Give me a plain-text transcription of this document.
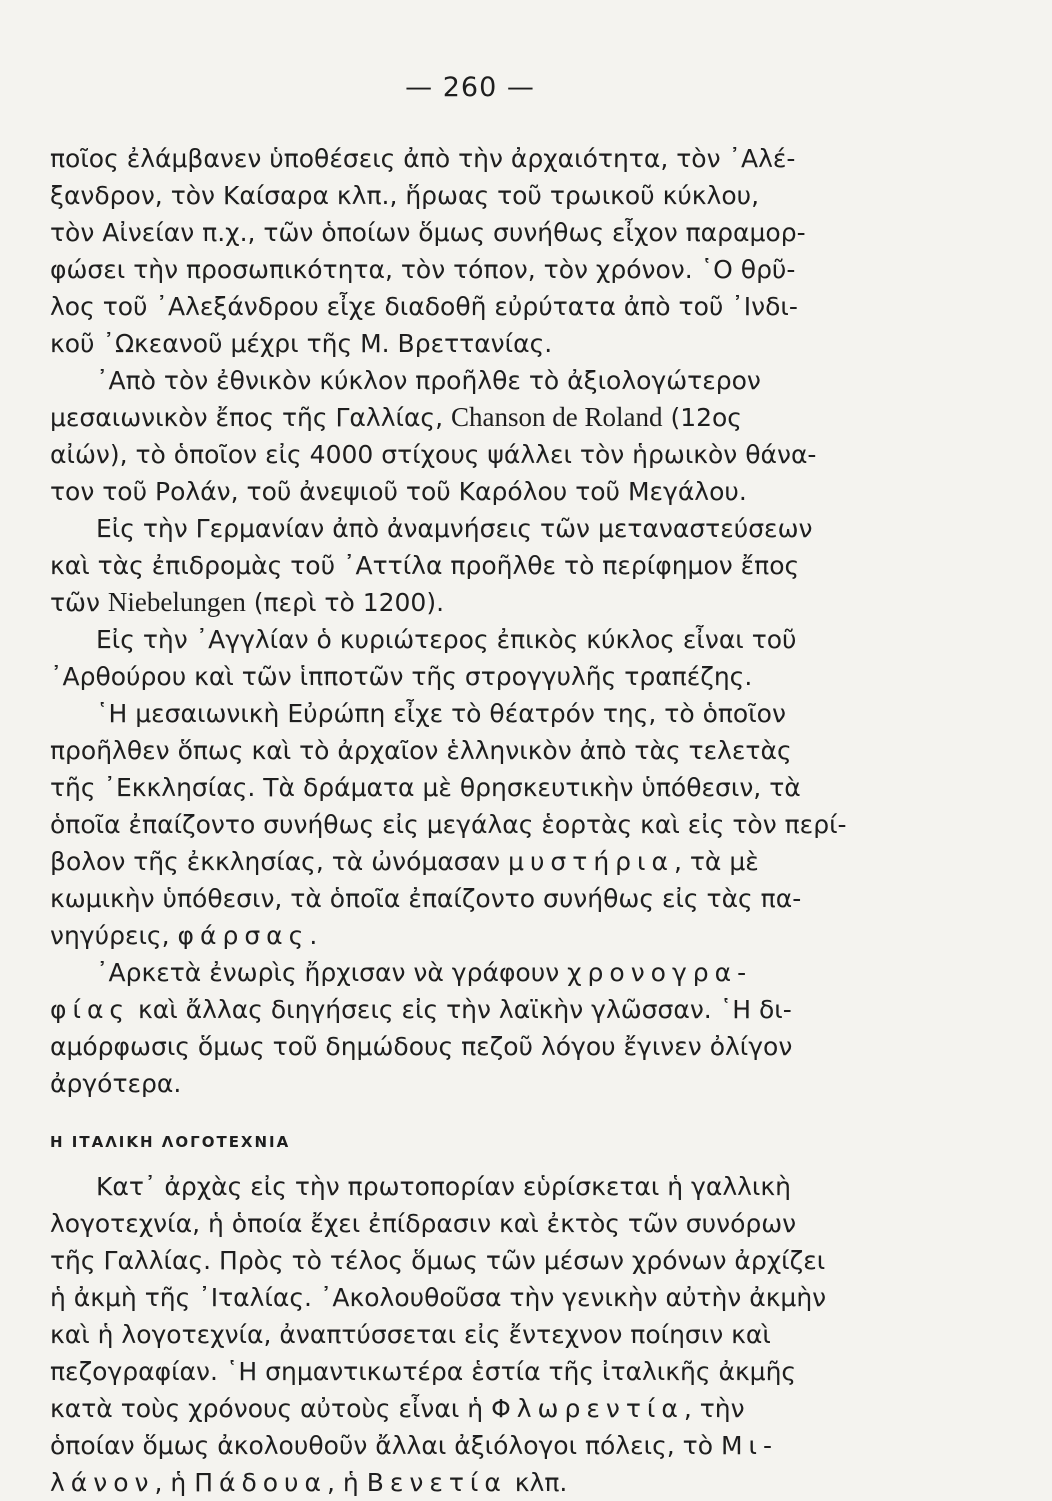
— 260 —
ποῖος ἐλάμβανεν ὑποθέσεις ἀπὸ τὴν ἀρχαιότητα, τὸν ᾿Αλέ-
ξανδρον, τὸν Καίσαρα κλπ., ἥρωας τοῦ τρωικοῦ κύκλου,
τὸν Αἰνείαν π.χ., τῶν ὁποίων ὅμως συνήθως εἶχον παραμορ-
φώσει τὴν προσωπικότητα, τὸν τόπον, τὸν χρόνον. ῾Ο θρῦ-
λος τοῦ ᾿Αλεξάνδρου εἶχε διαδοθῆ εὐρύτατα ἀπὸ τοῦ ᾿Ινδι-
κοῦ ᾿Ωκεανοῦ μέχρι τῆς Μ. Βρεττανίας.
᾿Απὸ τὸν ἐθνικὸν κύκλον προῆλθε τὸ ἀξιολογώτερον
μεσαιωνικὸν ἔπος τῆς Γαλλίας, Chanson de Roland (12ος
αἰών), τὸ ὁποῖον εἰς 4000 στίχους ψάλλει τὸν ἡρωικὸν θάνα-
τον τοῦ Ρολάν, τοῦ ἀνεψιοῦ τοῦ Καρόλου τοῦ Μεγάλου.
Εἰς τὴν Γερμανίαν ἀπὸ ἀναμνήσεις τῶν μεταναστεύσεων
καὶ τὰς ἐπιδρομὰς τοῦ ᾿Αττίλα προῆλθε τὸ περίφημον ἔπος
τῶν Niebelungen (περὶ τὸ 1200).
Εἰς τὴν ᾿Αγγλίαν ὁ κυριώτερος ἐπικὸς κύκλος εἶναι τοῦ
᾿Αρθούρου καὶ τῶν ἱπποτῶν τῆς στρογγυλῆς τραπέζης.
῾Η μεσαιωνικὴ Εὐρώπη εἶχε τὸ θέατρόν της, τὸ ὁποῖον
προῆλθεν ὅπως καὶ τὸ ἀρχαῖον ἑλληνικὸν ἀπὸ τὰς τελετὰς
τῆς ᾿Εκκλησίας. Τὰ δράματα μὲ θρησκευτικὴν ὑπόθεσιν, τὰ
ὁποῖα ἐπαίζοντο συνήθως εἰς μεγάλας ἑορτὰς καὶ εἰς τὸν περί-
βολον τῆς ἐκκλησίας, τὰ ὠνόμασαν μυστήρια, τὰ μὲ
κωμικὴν ὑπόθεσιν, τὰ ὁποῖα ἐπαίζοντο συνήθως εἰς τὰς πα-
νηγύρεις, φάρσας.
᾿Αρκετὰ ἐνωρὶς ἤρχισαν νὰ γράφουν χρονογρα-
φίας καὶ ἄλλας διηγήσεις εἰς τὴν λαϊκὴν γλῶσσαν. ῾Η δι-
αμόρφωσις ὅμως τοῦ δημώδους πεζοῦ λόγου ἔγινεν ὀλίγον
ἀργότερα.
Η ΙΤΑΛΙΚΗ ΛΟΓΟΤΕΧΝΙΑ
Κατ᾿ ἀρχὰς εἰς τὴν πρωτοπορίαν εὑρίσκεται ἡ γαλλικὴ
λογοτεχνία, ἡ ὁποία ἔχει ἐπίδρασιν καὶ ἐκτὸς τῶν συνόρων
τῆς Γαλλίας. Πρὸς τὸ τέλος ὅμως τῶν μέσων χρόνων ἀρχίζει
ἡ ἀκμὴ τῆς ᾿Ιταλίας. ᾿Ακολουθοῦσα τὴν γενικὴν αὐτὴν ἀκμὴν
καὶ ἡ λογοτεχνία, ἀναπτύσσεται εἰς ἔντεχνον ποίησιν καὶ
πεζογραφίαν. ῾Η σημαντικωτέρα ἑστία τῆς ἰταλικῆς ἀκμῆς
κατὰ τοὺς χρόνους αὐτοὺς εἶναι ἡ Φλωρεντία, τὴν
ὁποίαν ὅμως ἀκολουθοῦν ἄλλαι ἀξιόλογοι πόλεις, τὸ Μι-
λάνον, ἡ Πάδουα, ἡ Βενετία κλπ.
